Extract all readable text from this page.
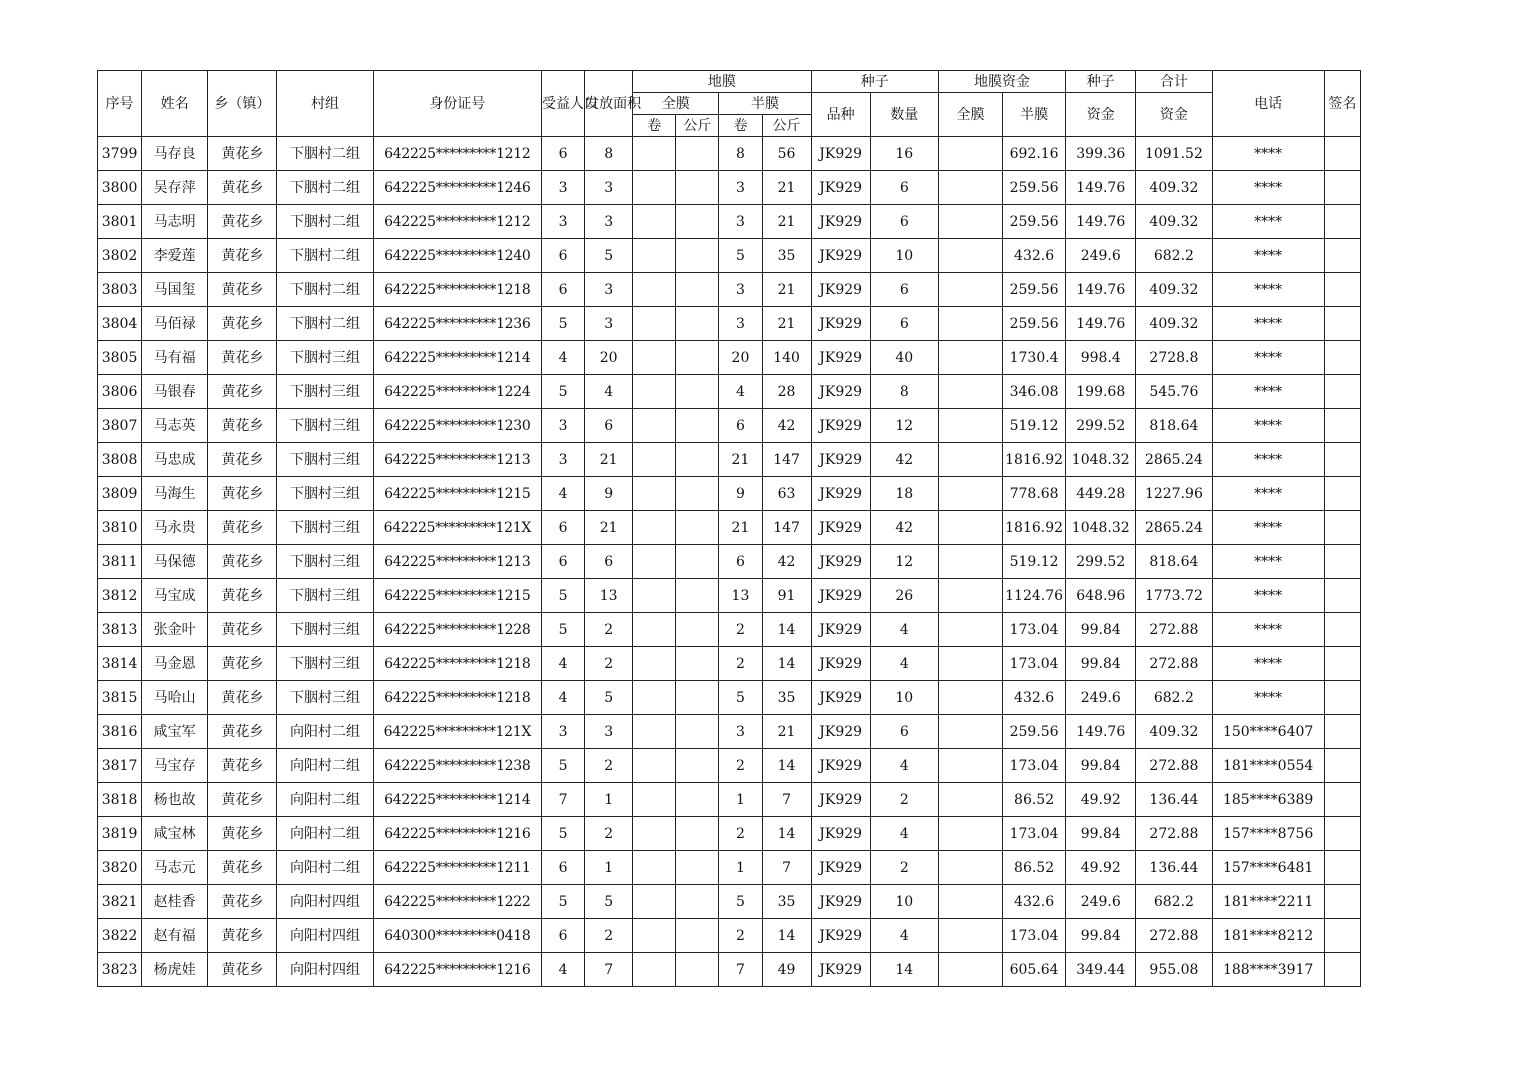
序号	姓名	乡（镇）	村组	身份证号	受益人口	发放面积	地膜				种子		地膜资金		种子	合计	电话	签名
							全膜		半膜		品种	数量	全膜	半膜	资金	资金		
							卷	公斤	卷	公斤								
3799	马存良	黄花乡	下胭村二组	642225*********1212	6	8			8	56	JK929	16		692.16	399.36	1091.52	****	
3800	吴存萍	黄花乡	下胭村二组	642225*********1246	3	3			3	21	JK929	6		259.56	149.76	409.32	****	
3801	马志明	黄花乡	下胭村二组	642225*********1212	3	3			3	21	JK929	6		259.56	149.76	409.32	****	
3802	李爱莲	黄花乡	下胭村二组	642225*********1240	6	5			5	35	JK929	10		432.6	249.6	682.2	****	
3803	马国玺	黄花乡	下胭村二组	642225*********1218	6	3			3	21	JK929	6		259.56	149.76	409.32	****	
3804	马佰禄	黄花乡	下胭村二组	642225*********1236	5	3			3	21	JK929	6		259.56	149.76	409.32	****	
3805	马有福	黄花乡	下胭村三组	642225*********1214	4	20			20	140	JK929	40		1730.4	998.4	2728.8	****	
3806	马银春	黄花乡	下胭村三组	642225*********1224	5	4			4	28	JK929	8		346.08	199.68	545.76	****	
3807	马志英	黄花乡	下胭村三组	642225*********1230	3	6			6	42	JK929	12		519.12	299.52	818.64	****	
3808	马忠成	黄花乡	下胭村三组	642225*********1213	3	21			21	147	JK929	42		1816.92	1048.32	2865.24	****	
3809	马海生	黄花乡	下胭村三组	642225*********1215	4	9			9	63	JK929	18		778.68	449.28	1227.96	****	
3810	马永贵	黄花乡	下胭村三组	642225*********121X	6	21			21	147	JK929	42		1816.92	1048.32	2865.24	****	
3811	马保德	黄花乡	下胭村三组	642225*********1213	6	6			6	42	JK929	12		519.12	299.52	818.64	****	
3812	马宝成	黄花乡	下胭村三组	642225*********1215	5	13			13	91	JK929	26		1124.76	648.96	1773.72	****	
3813	张金叶	黄花乡	下胭村三组	642225*********1228	5	2			2	14	JK929	4		173.04	99.84	272.88	****	
3814	马金恩	黄花乡	下胭村三组	642225*********1218	4	2			2	14	JK929	4		173.04	99.84	272.88	****	
3815	马哈山	黄花乡	下胭村三组	642225*********1218	4	5			5	35	JK929	10		432.6	249.6	682.2	****	
3816	咸宝军	黄花乡	向阳村二组	642225*********121X	3	3			3	21	JK929	6		259.56	149.76	409.32	150****6407	
3817	马宝存	黄花乡	向阳村二组	642225*********1238	5	2			2	14	JK929	4		173.04	99.84	272.88	181****0554	
3818	杨也故	黄花乡	向阳村二组	642225*********1214	7	1			1	7	JK929	2		86.52	49.92	136.44	185****6389	
3819	咸宝林	黄花乡	向阳村二组	642225*********1216	5	2			2	14	JK929	4		173.04	99.84	272.88	157****8756	
3820	马志元	黄花乡	向阳村二组	642225*********1211	6	1			1	7	JK929	2		86.52	49.92	136.44	157****6481	
3821	赵桂香	黄花乡	向阳村四组	642225*********1222	5	5			5	35	JK929	10		432.6	249.6	682.2	181****2211	
3822	赵有福	黄花乡	向阳村四组	640300*********0418	6	2			2	14	JK929	4		173.04	99.84	272.88	181****8212	
3823	杨虎娃	黄花乡	向阳村四组	642225*********1216	4	7			7	49	JK929	14		605.64	349.44	955.08	188****3917	
